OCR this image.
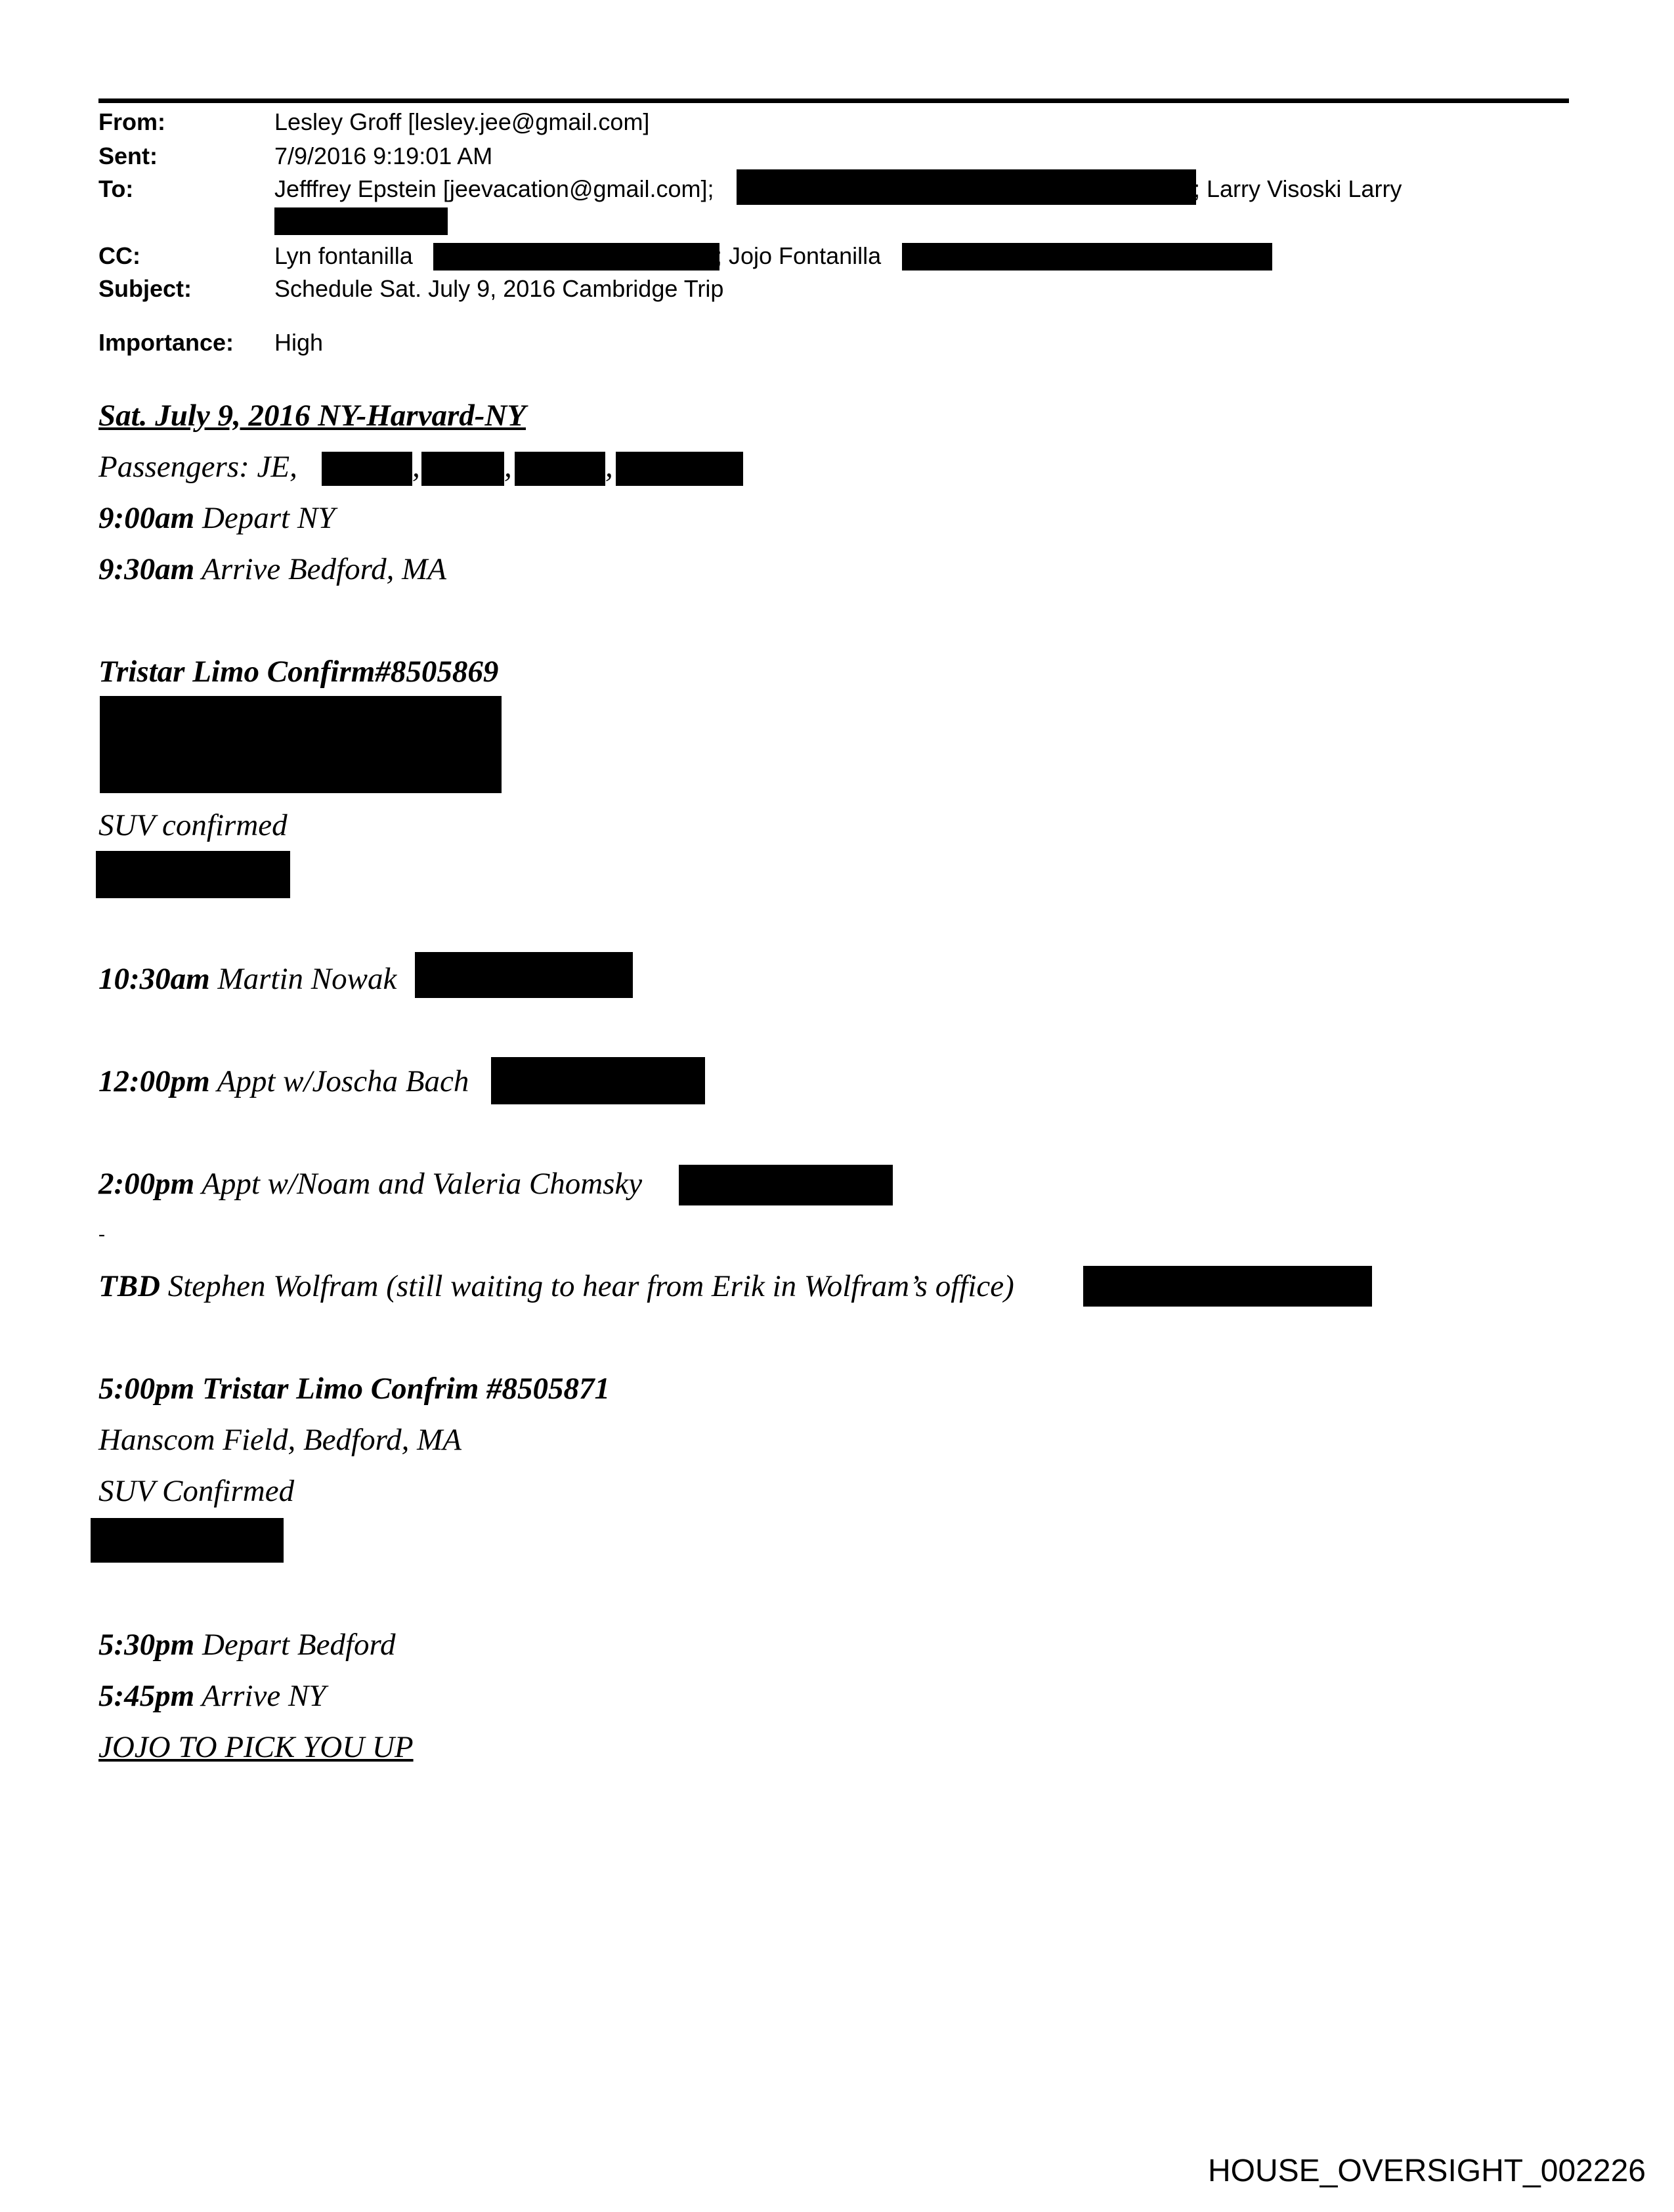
From:	Lesley Groff [lesley.jee@gmail.com]
Sent:	7/9/2016 9:19:01 AM
To:	Jefffrey Epstein [jeevacation@gmail.com];	; Larry Visoski Larry
CC:	Lyn fontanilla	; Jojo Fontanilla
Subject:	Schedule Sat. July 9, 2016 Cambridge Trip
Importance: High
Sat. July 9, 2016 NY-Harvard-NY
Passengers: JE,	,	,	,
9:00am Depart NY
9:30am Arrive Bedford, MA
Tristar Limo Confirm#8505869
SUV confirmed
10:30am Martin Nowak
12:00pm Appt w/Joscha Bach
2:00pm Appt w/Noam and Valeria Chomsky
-
TBD Stephen Wolfram (still waiting to hear from Erik in Wolfram’s office)
5:00pm Tristar Limo Confrim #8505871
Hanscom Field, Bedford, MA
SUV Confirmed
5:30pm Depart Bedford
5:45pm Arrive NY
JOJO TO PICK YOU UP
HOUSE_OVERSIGHT_002226
